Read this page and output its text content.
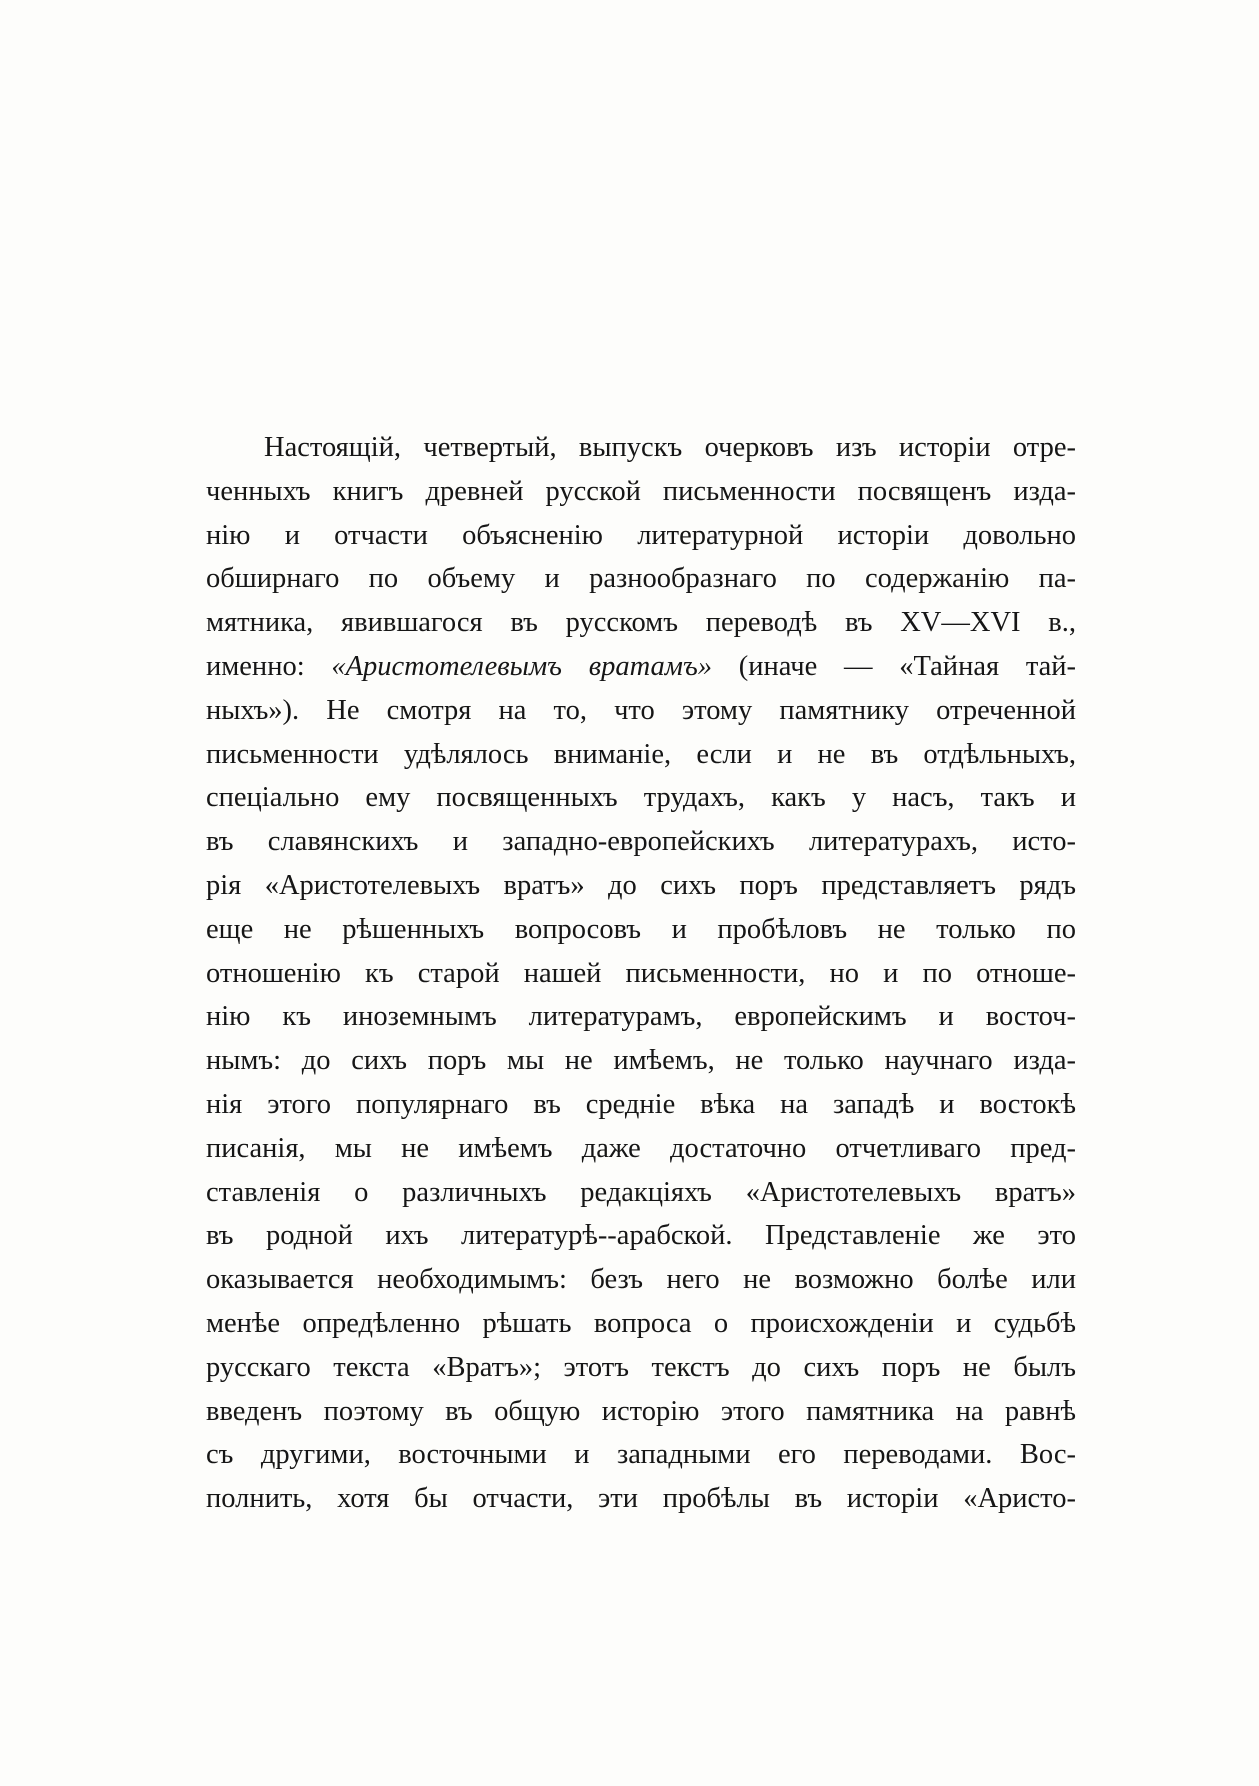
Настоящій, четвертый, выпускъ очерковъ изъ исторіи отре-
ченныхъ книгъ древней русской письменности посвященъ изда-
нію и отчасти объясненію литературной исторіи довольно
обширнаго по объему и разнообразнаго по содержанію па-
мятника, явившагося въ русскомъ переводѣ въ XV—XVI в.,
именно: «Аристотелевымъ вратамъ» (иначе — «Тайная тай-
ныхъ»). Не смотря на то, что этому памятнику отреченной
письменности удѣлялось вниманіе, если и не въ отдѣльныхъ,
спеціально ему посвященныхъ трудахъ, какъ у насъ, такъ и
въ славянскихъ и западно-европейскихъ литературахъ, исто-
рія «Аристотелевыхъ вратъ» до сихъ поръ представляетъ рядъ
еще не рѣшенныхъ вопросовъ и пробѣловъ не только по
отношенію къ старой нашей письменности, но и по отноше-
нію къ иноземнымъ литературамъ, европейскимъ и восточ-
нымъ: до сихъ поръ мы не имѣемъ, не только научнаго изда-
нія этого популярнаго въ средніе вѣка на западѣ и востокѣ
писанія, мы не имѣемъ даже достаточно отчетливаго пред-
ставленія о различныхъ редакціяхъ «Аристотелевыхъ вратъ»
въ родной ихъ литературѣ--арабской. Представленіе же это
оказывается необходимымъ: безъ него не возможно болѣе или
менѣе опредѣленно рѣшать вопроса о происхожденіи и судьбѣ
русскаго текста «Вратъ»; этотъ текстъ до сихъ поръ не былъ
введенъ поэтому въ общую исторію этого памятника на равнѣ
съ другими, восточными и западными его переводами. Вос-
полнить, хотя бы отчасти, эти пробѣлы въ исторіи «Аристо-
